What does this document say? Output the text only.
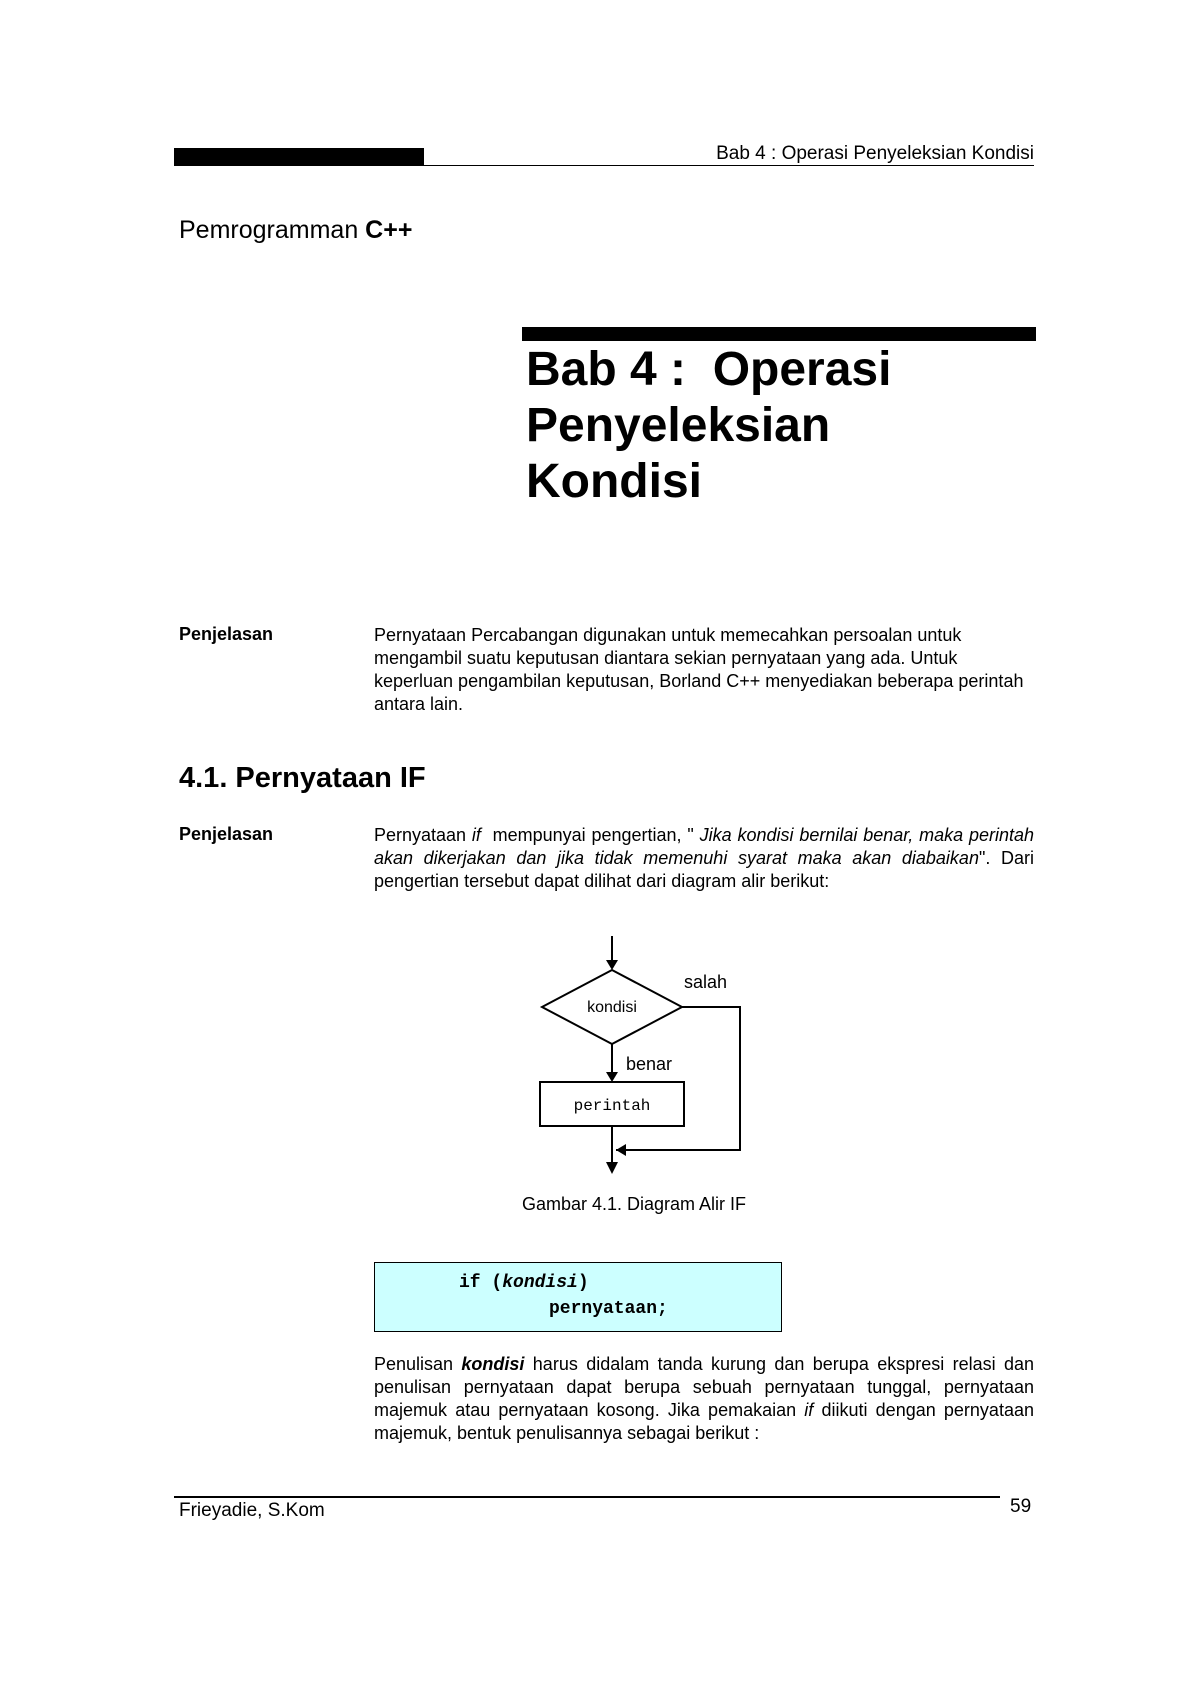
Bab 4 : Operasi Penyeleksian Kondisi
Pemrogramman C++
Bab 4 :  Operasi
Penyeleksian
Kondisi
Penjelasan	Pernyataan Percabangan digunakan untuk memecahkan persoalan untuk mengambil suatu keputusan diantara sekian pernyataan yang ada. Untuk keperluan pengambilan keputusan, Borland C++ menyediakan beberapa perintah antara lain.
4.1. Pernyataan IF
Penjelasan	Pernyataan if  mempunyai pengertian, " Jika kondisi bernilai benar, maka perintah akan dikerjakan dan jika tidak memenuhi syarat maka akan diabaikan". Dari pengertian tersebut dapat dilihat dari diagram alir berikut:
kondisi
benar
perintah
salah
Gambar 4.1. Diagram Alir IF
if (kondisi)
pernyataan;
Penulisan kondisi harus didalam tanda kurung dan berupa ekspresi relasi dan penulisan pernyataan dapat berupa sebuah pernyataan tunggal, pernyataan majemuk atau pernyataan kosong. Jika pemakaian if diikuti dengan pernyataan majemuk, bentuk penulisannya sebagai berikut :
Frieyadie, S.Kom	59
